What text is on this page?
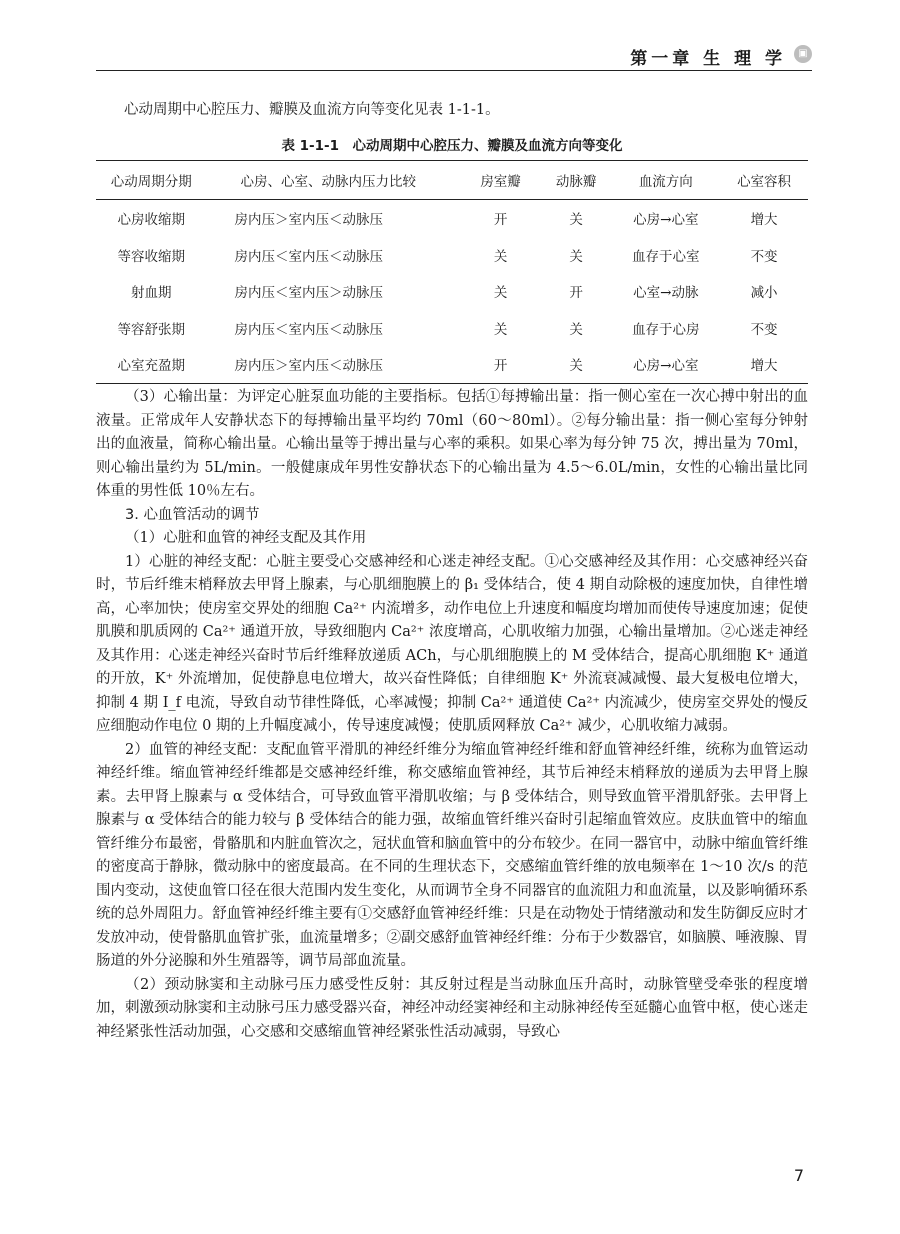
第一章 生 理 学	▣
心动周期中心腔压力、瓣膜及血流方向等变化见表 1-1-1。
表 1-1-1　心动周期中心腔压力、瓣膜及血流方向等变化
心动周期分期	心房、心室、动脉内压力比较	房室瓣	动脉瓣	血流方向	心室容积
心房收缩期	房内压＞室内压＜动脉压	开	关	心房→心室	增大
等容收缩期	房内压＜室内压＜动脉压	关	关	血存于心室	不变
射血期	房内压＜室内压＞动脉压	关	开	心室→动脉	减小
等容舒张期	房内压＜室内压＜动脉压	关	关	血存于心房	不变
心室充盈期	房内压＞室内压＜动脉压	开	关	心房→心室	增大

（3）心输出量：为评定心脏泵血功能的主要指标。包括①每搏输出量：指一侧心室在一次心搏中射出的血液量。正常成年人安静状态下的每搏输出量平均约 70ml（60～80ml）。②每分输出量：指一侧心室每分钟射出的血液量，简称心输出量。心输出量等于搏出量与心率的乘积。如果心率为每分钟 75 次，搏出量为 70ml，则心输出量约为 5L/min。一般健康成年男性安静状态下的心输出量为 4.5～6.0L/min，女性的心输出量比同体重的男性低 10％左右。

3. 心血管活动的调节

（1）心脏和血管的神经支配及其作用

1）心脏的神经支配：心脏主要受心交感神经和心迷走神经支配。①心交感神经及其作用：心交感神经兴奋时，节后纤维末梢释放去甲肾上腺素，与心肌细胞膜上的 β₁ 受体结合，使 4 期自动除极的速度加快，自律性增高，心率加快；使房室交界处的细胞 Ca²⁺ 内流增多，动作电位上升速度和幅度均增加而使传导速度加速；促使肌膜和肌质网的 Ca²⁺ 通道开放，导致细胞内 Ca²⁺ 浓度增高，心肌收缩力加强，心输出量增加。②心迷走神经及其作用：心迷走神经兴奋时节后纤维释放递质 ACh，与心肌细胞膜上的 M 受体结合，提高心肌细胞 K⁺ 通道的开放，K⁺ 外流增加，促使静息电位增大，故兴奋性降低；自律细胞 K⁺ 外流衰减减慢、最大复极电位增大，抑制 4 期 I_f 电流，导致自动节律性降低，心率减慢；抑制 Ca²⁺ 通道使 Ca²⁺ 内流减少，使房室交界处的慢反应细胞动作电位 0 期的上升幅度减小，传导速度减慢；使肌质网释放 Ca²⁺ 减少，心肌收缩力减弱。

2）血管的神经支配：支配血管平滑肌的神经纤维分为缩血管神经纤维和舒血管神经纤维，统称为血管运动神经纤维。缩血管神经纤维都是交感神经纤维，称交感缩血管神经，其节后神经末梢释放的递质为去甲肾上腺素。去甲肾上腺素与 α 受体结合，可导致血管平滑肌收缩；与 β 受体结合，则导致血管平滑肌舒张。去甲肾上腺素与 α 受体结合的能力较与 β 受体结合的能力强，故缩血管纤维兴奋时引起缩血管效应。皮肤血管中的缩血管纤维分布最密，骨骼肌和内脏血管次之，冠状血管和脑血管中的分布较少。在同一器官中，动脉中缩血管纤维的密度高于静脉，微动脉中的密度最高。在不同的生理状态下，交感缩血管纤维的放电频率在 1～10 次/s 的范围内变动，这使血管口径在很大范围内发生变化，从而调节全身不同器官的血流阻力和血流量，以及影响循环系统的总外周阻力。舒血管神经纤维主要有①交感舒血管神经纤维：只是在动物处于情绪激动和发生防御反应时才发放冲动，使骨骼肌血管扩张，血流量增多；②副交感舒血管神经纤维：分布于少数器官，如脑膜、唾液腺、胃肠道的外分泌腺和外生殖器等，调节局部血流量。

（2）颈动脉窦和主动脉弓压力感受性反射：其反射过程是当动脉血压升高时，动脉管壁受牵张的程度增加，刺激颈动脉窦和主动脉弓压力感受器兴奋，神经冲动经窦神经和主动脉神经传至延髓心血管中枢，使心迷走神经紧张性活动加强，心交感和交感缩血管神经紧张性活动减弱，导致心

7
